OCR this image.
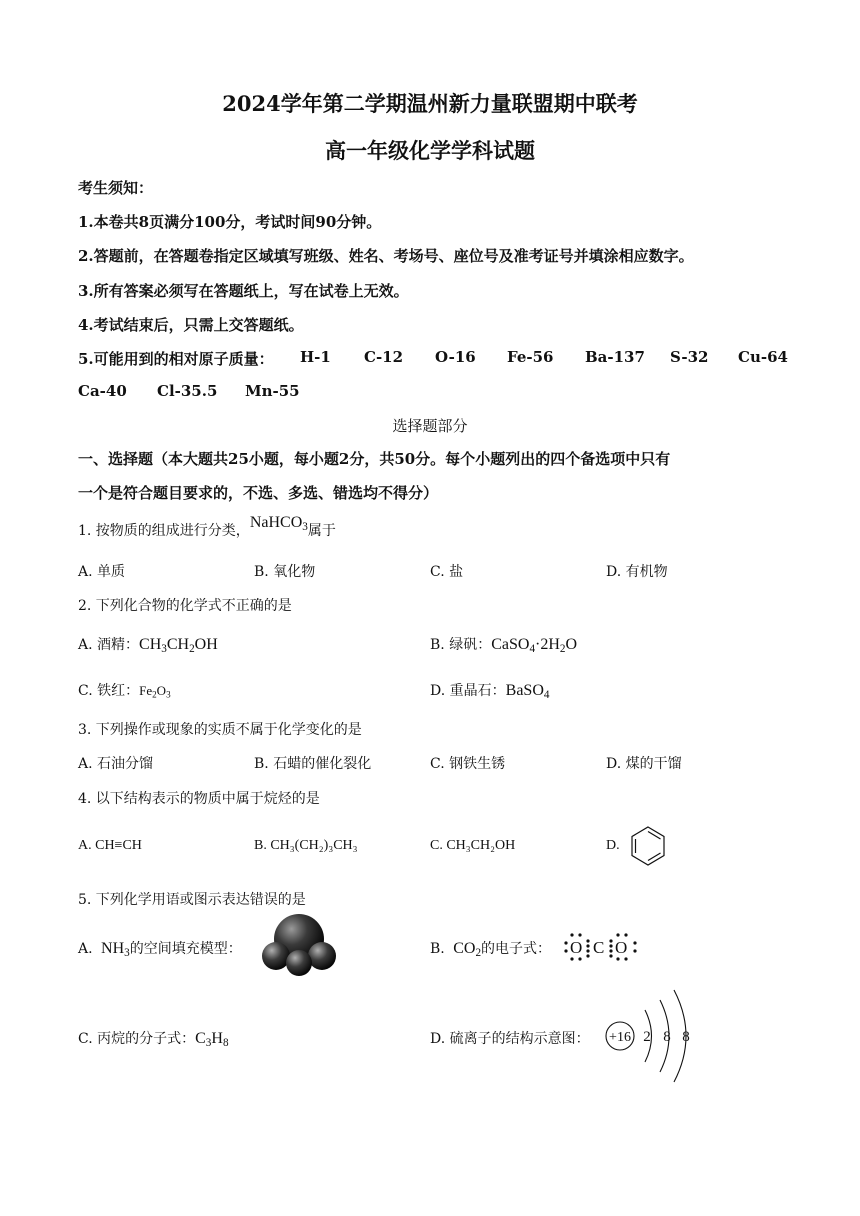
2024学年第二学期温州新力量联盟期中联考
高一年级化学学科试题
考生须知：
1.本卷共8页满分100分，考试时间90分钟。
2.答题前，在答题卷指定区域填写班级、姓名、考场号、座位号及准考证号并填涂相应数字。
3.所有答案必须写在答题纸上，写在试卷上无效。
4.考试结束后，只需上交答题纸。
5.可能用到的相对原子质量： H-1 C-12 O-16 Fe-56 Ba-137 S-32 Cu-64
Ca-40 Cl-35.5 Mn-55
选择题部分
一、选择题（本大题共25小题，每小题2分，共50分。每个小题列出的四个备选项中只有
一个是符合题目要求的，不选、多选、错选均不得分）
1. 按物质的组成进行分类，NaHCO$_3$属于
A. 单质	B. 氧化物	C. 盐	D. 有机物
2. 下列化合物的化学式不正确的是
A. 酒精：$CH_3CH_2OH$	B. 绿矾：$CaSO_4\cdot 2H_2O$
C. 铁红：$Fe_2O_3$	D. 重晶石：BaSO$_4$
3. 下列操作或现象的实质不属于化学变化的是
A. 石油分馏	B. 石蜡的催化裂化	C. 钢铁生锈	D. 煤的干馏
4. 以下结构表示的物质中属于烷烃的是
A. CH≡CH	B. CH₃(CH₂)₃CH₃	C. CH₃CH₂OH	D.
5. 下列化学用语或图示表达错误的是
A. $NH_3$的空间填充模型：	B. $CO_2$的电子式： O C O
C. 丙烷的分子式：$C_3H_8$	D. 硫离子的结构示意图： +16 2 8 8
